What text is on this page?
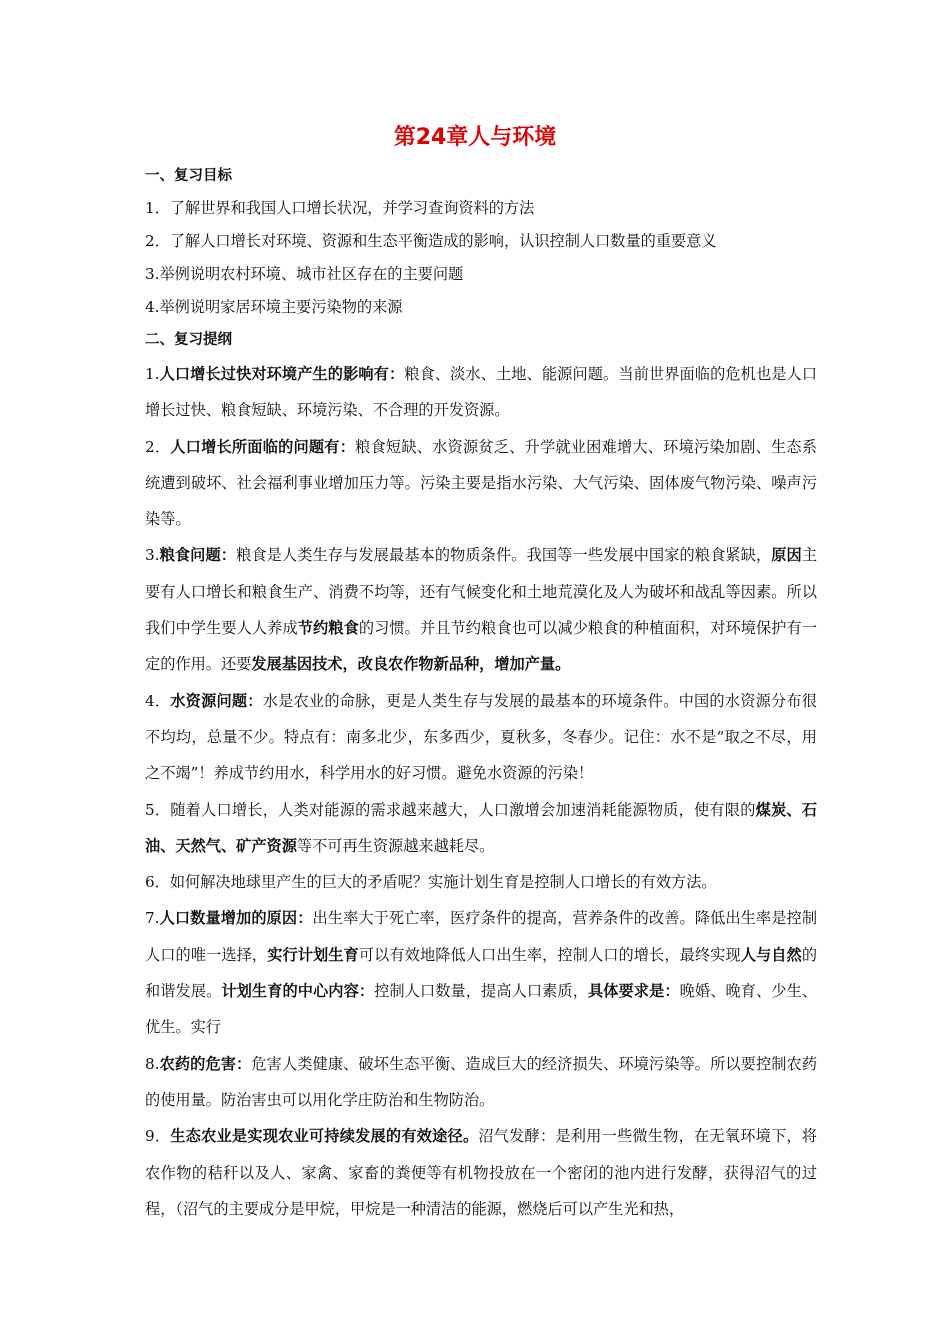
第24章人与环境

一、复习目标

1．了解世界和我国人口增长状况，并学习查询资料的方法

2．了解人口增长对环境、资源和生态平衡造成的影响，认识控制人口数量的重要意义

3.举例说明农村环境、城市社区存在的主要问题

4.举例说明家居环境主要污染物的来源

二、复习提纲

1.人口增长过快对环境产生的影响有：粮食、淡水、土地、能源问题。当前世界面临的危机也是人口增长过快、粮食短缺、环境污染、不合理的开发资源。

2．人口增长所面临的问题有：粮食短缺、水资源贫乏、升学就业困难增大、环境污染加剧、生态系统遭到破坏、社会福利事业增加压力等。污染主要是指水污染、大气污染、固体废气物污染、噪声污染等。

3.粮食问题：粮食是人类生存与发展最基本的物质条件。我国等一些发展中国家的粮食紧缺，原因主要有人口增长和粮食生产、消费不均等，还有气候变化和土地荒漠化及人为破坏和战乱等因素。所以我们中学生要人人养成节约粮食的习惯。并且节约粮食也可以减少粮食的种植面积，对环境保护有一定的作用。还要发展基因技术，改良农作物新品种，增加产量。

4．水资源问题：水是农业的命脉，更是人类生存与发展的最基本的环境条件。中国的水资源分布很不均均，总量不少。特点有：南多北少，东多西少，夏秋多，冬春少。记住：水不是“取之不尽，用之不竭”！养成节约用水，科学用水的好习惯。避免水资源的污染！

5．随着人口增长，人类对能源的需求越来越大，人口激增会加速消耗能源物质，使有限的煤炭、石油、天然气、矿产资源等不可再生资源越来越耗尽。

6．如何解决地球里产生的巨大的矛盾呢？实施计划生育是控制人口增长的有效方法。

7.人口数量增加的原因：出生率大于死亡率，医疗条件的提高，营养条件的改善。降低出生率是控制人口的唯一选择，实行计划生育可以有效地降低人口出生率，控制人口的增长，最终实现人与自然的和谐发展。计划生育的中心内容：控制人口数量，提高人口素质，具体要求是：晚婚、晚育、少生、优生。实行

8.农药的危害：危害人类健康、破坏生态平衡、造成巨大的经济损失、环境污染等。所以要控制农药的使用量。防治害虫可以用化学庄防治和生物防治。

9．生态农业是实现农业可持续发展的有效途径。沼气发酵：是利用一些微生物，在无氧环境下，将农作物的秸秆以及人、家禽、家畜的粪便等有机物投放在一个密闭的池内进行发酵，获得沼气的过程，（沼气的主要成分是甲烷，甲烷是一种清洁的能源，燃烧后可以产生光和热，
